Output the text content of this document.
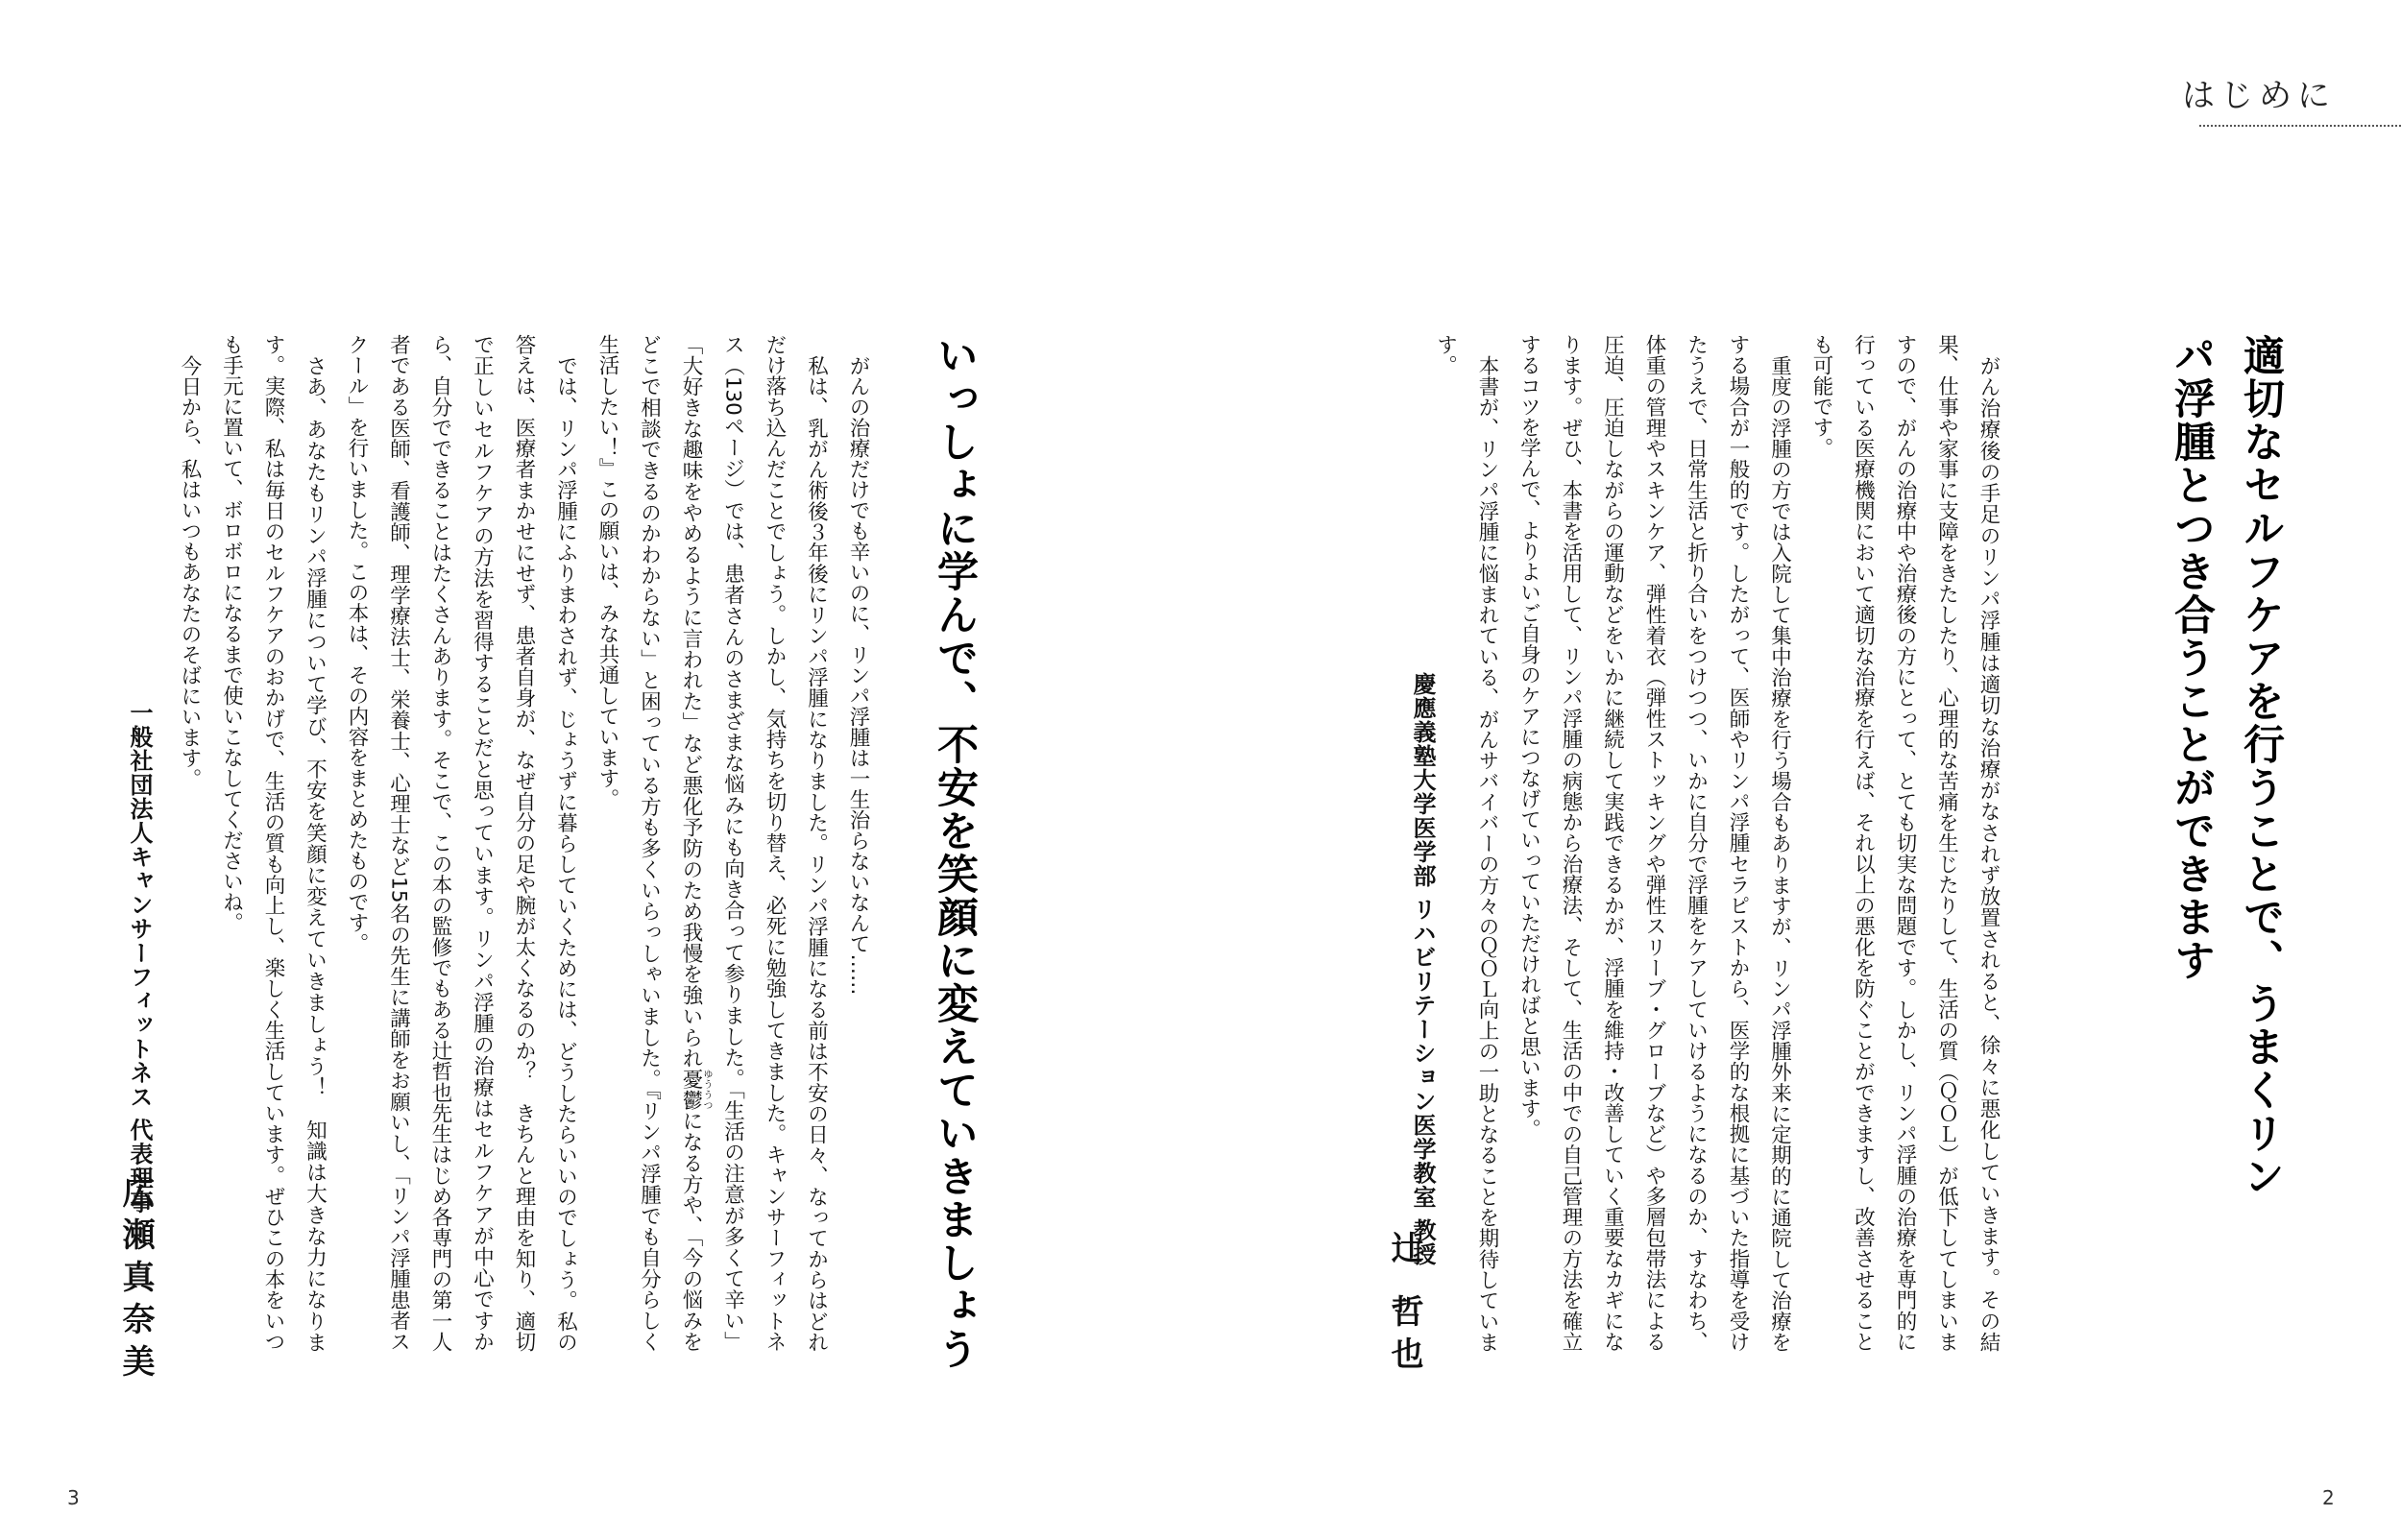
はじめに
適切なセルフケアを行うことで、うまくリンパ浮腫とつき合うことができます

がん治療後の手足のリンパ浮腫は適切な治療がなされず放置されると、徐々に悪化していきます。その結果、仕事や家事に支障をきたしたり、心理的な苦痛を生じたりして、生活の質（ＱＯＬ）が低下してしまいますので、がんの治療中や治療後の方にとって、とても切実な問題です。しかし、リンパ浮腫の治療を専門的に行っている医療機関において適切な治療を行えば、それ以上の悪化を防ぐことができますし、改善させることも可能です。

重度の浮腫の方では入院して集中治療を行う場合もありますが、リンパ浮腫外来に定期的に通院して治療をする場合が一般的です。したがって、医師やリンパ浮腫セラピストから、医学的な根拠に基づいた指導を受けたうえで、日常生活と折り合いをつけつつ、いかに自分で浮腫をケアしていけるようになるのか、すなわち、体重の管理やスキンケア、弾性着衣（弾性ストッキングや弾性スリーブ・グローブなど）や多層包帯法による圧迫、圧迫しながらの運動などをいかに継続して実践できるかが、浮腫を維持・改善していく重要なカギになります。ぜひ、本書を活用して、リンパ浮腫の病態から治療法、そして、生活の中での自己管理の方法を確立するコツを学んで、よりよいご自身のケアにつなげていっていただければと思います。

本書が、リンパ浮腫に悩まれている、がんサバイバーの方々のＱＯＬ向上の一助となることを期待しています。

慶應義塾大学医学部 リハビリテーション医学教室 教授
辻 哲也
いっしょに学んで、不安を笑顔に変えていきましょう

がんの治療だけでも辛いのに、リンパ浮腫は一生治らないなんて……

私は、乳がん術後３年後にリンパ浮腫になりました。リンパ浮腫になる前は不安の日々、なってからはどれだけ落ち込んだことでしょう。しかし、気持ちを切り替え、必死に勉強してきました。キャンサーフィットネス（130ページ）では、患者さんのさまざまな悩みにも向き合って参りました。「生活の注意が多くて辛い」「大好きな趣味をやめるように言われた」など悪化予防のため我慢を強いられ憂鬱ゆううつになる方や、「今の悩みをどこで相談できるのかわからない」と困っている方も多くいらっしゃいました。『リンパ浮腫でも自分らしく生活したい！』この願いは、みな共通しています。

では、リンパ浮腫にふりまわされず、じょうずに暮らしていくためには、どうしたらいいのでしょう。私の答えは、医療者まかせにせず、患者自身が、なぜ自分の足や腕が太くなるのか？　きちんと理由を知り、適切で正しいセルフケアの方法を習得することだと思っています。リンパ浮腫の治療はセルフケアが中心ですから、自分でできることはたくさんあります。そこで、この本の監修でもある辻哲也先生はじめ各専門の第一人者である医師、看護師、理学療法士、栄養士、心理士など15名の先生に講師をお願いし、「リンパ浮腫患者スクール」を行いました。この本は、その内容をまとめたものです。

さあ、あなたもリンパ浮腫について学び、不安を笑顔に変えていきましょう！　知識は大きな力になります。実際、私は毎日のセルフケアのおかげで、生活の質も向上し、楽しく生活しています。ぜひこの本をいつも手元に置いて、ボロボロになるまで使いこなしてくださいね。

今日から、私はいつもあなたのそばにいます。

一般社団法人キャンサーフィットネス 代表理事
広瀬真奈美
3	2
